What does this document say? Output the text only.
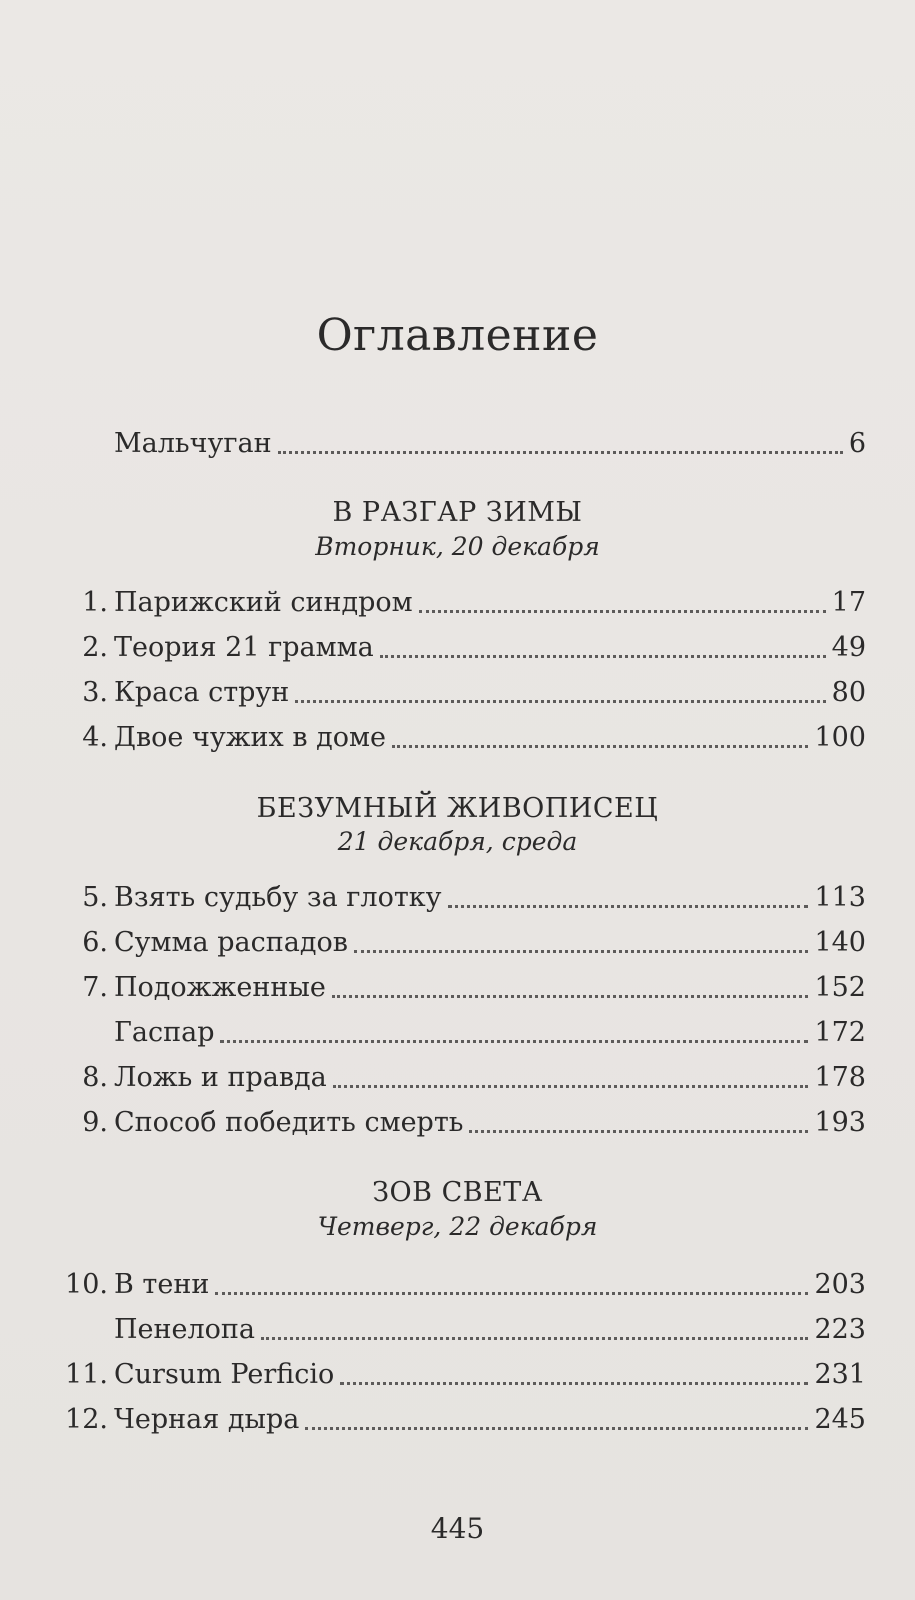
Оглавление
Мальчуган	6
В РАЗГАР ЗИМЫ
Вторник, 20 декабря
1. Парижский синдром	17
2. Теория 21 грамма	49
3. Краса струн	80
4. Двое чужих в доме	100
БЕЗУМНЫЙ ЖИВОПИСЕЦ
21 декабря, среда
5. Взять судьбу за глотку	113
6. Сумма распадов	140
7. Подожженные	152
Гаспар	172
8. Ложь и правда	178
9. Способ победить смерть	193
ЗОВ СВЕТА
Четверг, 22 декабря
10. В тени	203
Пенелопа	223
11. Cursum Perficio	231
12. Черная дыра	245
445
